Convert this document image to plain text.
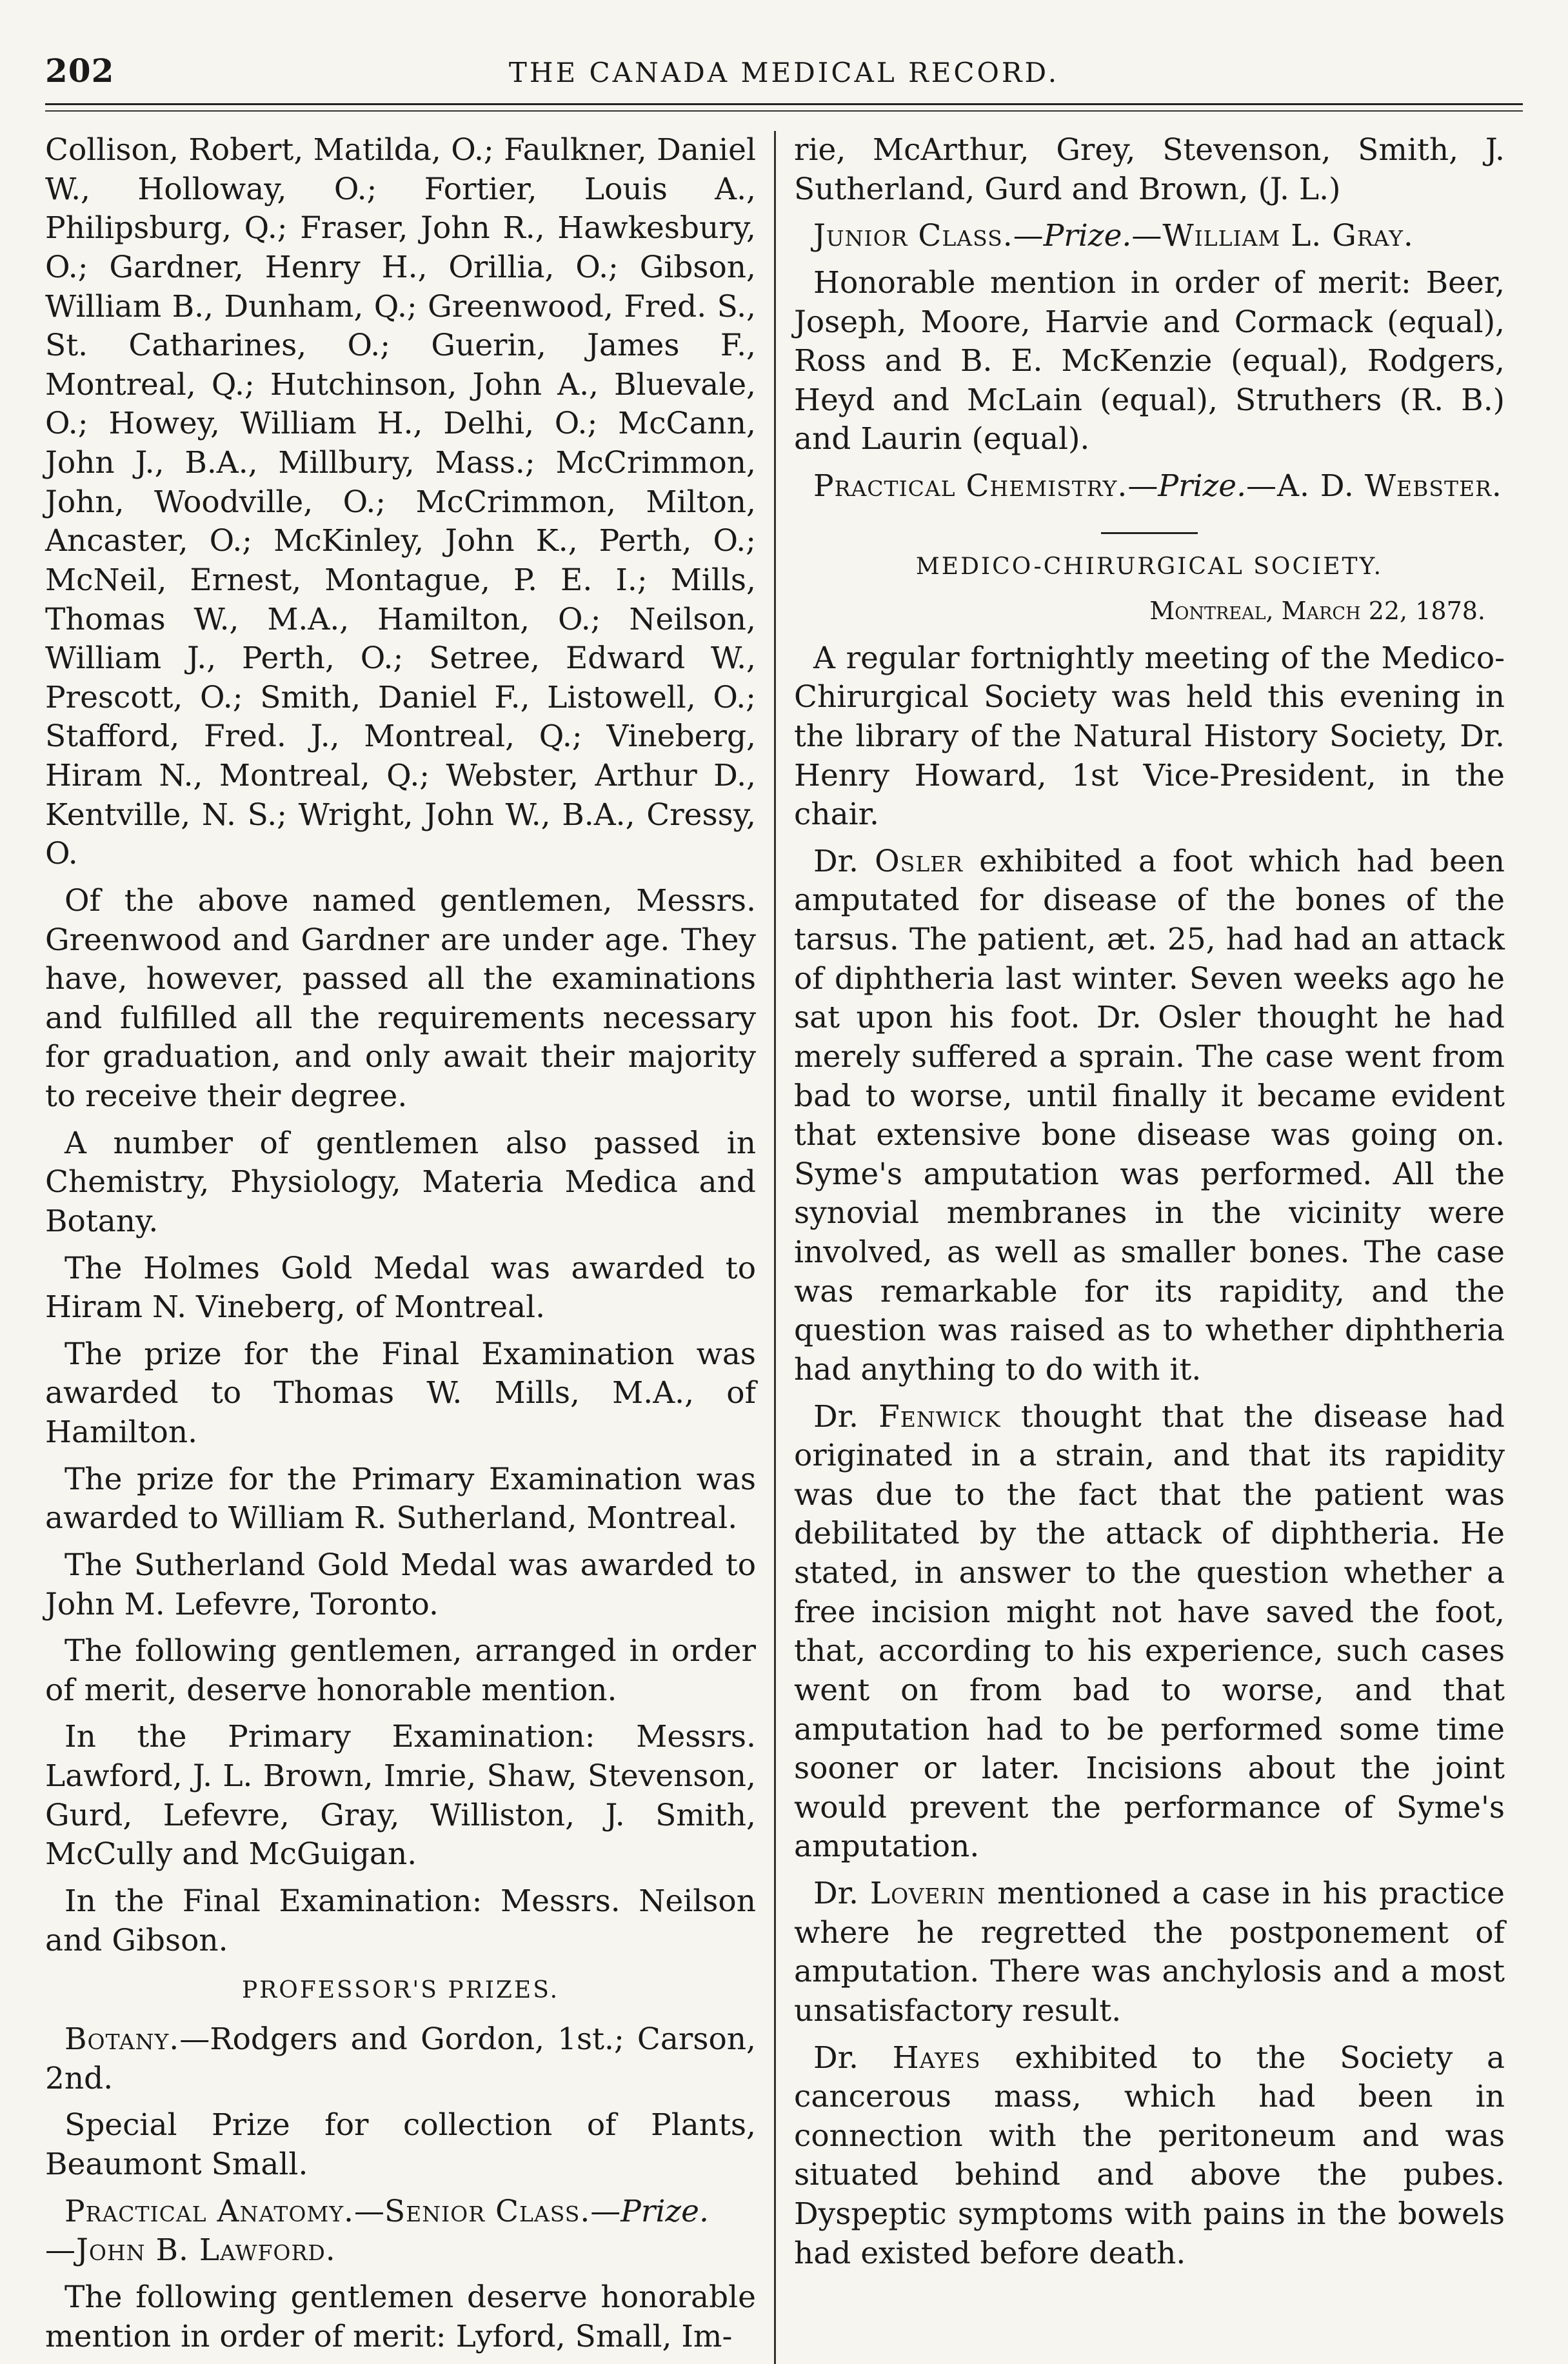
202	THE CANADA MEDICAL RECORD.

Collison, Robert, Matilda, O.; Faulkner, Daniel W., Holloway, O.; Fortier, Louis A., Philipsburg, Q.; Fraser, John R., Hawkesbury, O.; Gardner, Henry H., Orillia, O.; Gibson, William B., Dunham, Q.; Greenwood, Fred. S., St. Catharines, O.; Guerin, James F., Montreal, Q.; Hutchinson, John A., Bluevale, O.; Howey, William H., Delhi, O.; McCann, John J., B.A., Millbury, Mass.; McCrimmon, John, Woodville, O.; McCrimmon, Milton, Ancaster, O.; McKinley, John K., Perth, O.; McNeil, Ernest, Montague, P. E. I.; Mills, Thomas W., M.A., Hamilton, O.; Neilson, William J., Perth, O.; Setree, Edward W., Prescott, O.; Smith, Daniel F., Listowell, O.; Stafford, Fred. J., Montreal, Q.; Vineberg, Hiram N., Montreal, Q.; Webster, Arthur D., Kentville, N. S.; Wright, John W., B.A., Cressy, O.

Of the above named gentlemen, Messrs. Greenwood and Gardner are under age. They have, however, passed all the examinations and fulfilled all the requirements necessary for graduation, and only await their majority to receive their degree.

A number of gentlemen also passed in Chemistry, Physiology, Materia Medica and Botany.

The Holmes Gold Medal was awarded to Hiram N. Vineberg, of Montreal.

The prize for the Final Examination was awarded to Thomas W. Mills, M.A., of Hamilton.

The prize for the Primary Examination was awarded to William R. Sutherland, Montreal.

The Sutherland Gold Medal was awarded to John M. Lefevre, Toronto.

The following gentlemen, arranged in order of merit, deserve honorable mention.

In the Primary Examination: Messrs. Lawford, J. L. Brown, Imrie, Shaw, Stevenson, Gurd, Lefevre, Gray, Williston, J. Smith, McCully and McGuigan.

In the Final Examination: Messrs. Neilson and Gibson.

PROFESSOR'S PRIZES.

Botany.—Rodgers and Gordon, 1st.; Carson, 2nd.

Special Prize for collection of Plants, Beaumont Small.

Practical Anatomy.—Senior Class.—Prize.
—John B. Lawford.

The following gentlemen deserve honorable mention in order of merit: Lyford, Small, Im-

rie, McArthur, Grey, Stevenson, Smith, J. Sutherland, Gurd and Brown, (J. L.)

Junior Class.—Prize.—William L. Gray.

Honorable mention in order of merit: Beer, Joseph, Moore, Harvie and Cormack (equal), Ross and B. E. McKenzie (equal), Rodgers, Heyd and McLain (equal), Struthers (R. B.) and Laurin (equal).

Practical Chemistry.—Prize.—A. D. Webster.

MEDICO-CHIRURGICAL SOCIETY.
Montreal, March 22, 1878.

A regular fortnightly meeting of the Medico-Chirurgical Society was held this evening in the library of the Natural History Society, Dr. Henry Howard, 1st Vice-President, in the chair.

Dr. Osler exhibited a foot which had been amputated for disease of the bones of the tarsus. The patient, æt. 25, had had an attack of diphtheria last winter. Seven weeks ago he sat upon his foot. Dr. Osler thought he had merely suffered a sprain. The case went from bad to worse, until finally it became evident that extensive bone disease was going on. Syme's amputation was performed. All the synovial membranes in the vicinity were involved, as well as smaller bones. The case was remarkable for its rapidity, and the question was raised as to whether diphtheria had anything to do with it.

Dr. Fenwick thought that the disease had originated in a strain, and that its rapidity was due to the fact that the patient was debilitated by the attack of diphtheria. He stated, in answer to the question whether a free incision might not have saved the foot, that, according to his experience, such cases went on from bad to worse, and that amputation had to be performed some time sooner or later. Incisions about the joint would prevent the performance of Syme's amputation.

Dr. Loverin mentioned a case in his practice where he regretted the postponement of amputation. There was anchylosis and a most unsatisfactory result.

Dr. Hayes exhibited to the Society a cancerous mass, which had been in connection with the peritoneum and was situated behind and above the pubes. Dyspeptic symptoms with pains in the bowels had existed before death.
